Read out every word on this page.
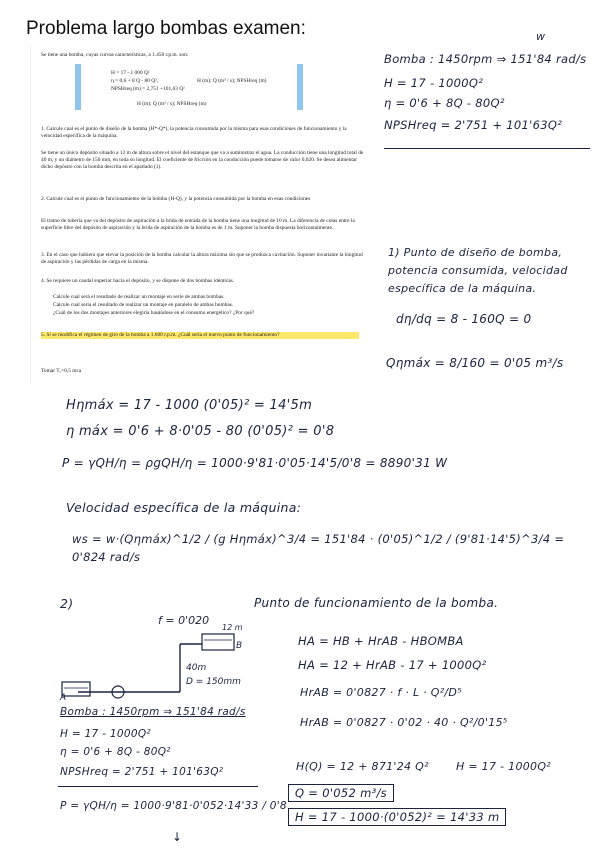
Problema largo bombas examen:
Se tiene una bomba, cuyas curvas características, a 1.450 r.p.m. son:
H = 17 - 1 000 Q²
η = 0,6 + 8 Q - 80 Q²,	H (m); Q (m³ / s); NPSHreq (m)
NPSHreq (m) = 2,751 +101,63 Q²
H (m); Q (m³ / s); NPSHreq (m)
1. Calcule cual es el punto de diseño de la bomba (H*-Q*), la potencia consumida por la misma para esas condiciones de funcionamiento y la velocidad específica de la máquina.
Se tiene un único depósito situado a 12 m de altura sobre el nivel del estanque que va a suministrar el agua. La conducción tiene una longitud total de 40 m, y un diámetro de 150 mm, en toda su longitud. El coeficiente de fricción en la conducción puede tomarse de valor 0,020. Se desea alimentar dicho depósito con la bomba descrita en el apartado (1).
2. Calcule cual es el punto de funcionamiento de la bomba (H-Q), y la potencia consumida por la bomba en esas condiciones
El tramo de tubería que va del depósito de aspiración a la brida de entrada de la bomba tiene una longitud de 10 m. La diferencia de cotas entre la superficie libre del depósito de aspiración y la brida de aspiración de la bomba es de 1 m. Suponer la bomba dispuesta horizontalmente.
3. En el caso que hubiera que elevar la posición de la bomba calcular la altura máxima sin que se produzca cavitación. Suponer invariante la longitud de aspiración y las pérdidas de carga en la misma.
4. Se requiere un caudal superior hacia el depósito, y se dispone de dos bombas idénticas.
Calcule cual será el resultado de realizar un montaje en serie de ambas bombas.
Calcule cual sería el resultado de realizar un montaje en paralelo de ambas bombas.
¿Cuál de los dos montajes anteriores elegiría basándose en el consumo energético? ¿Por qué?
5. Si se modifica el régimen de giro de la bomba a 1.600 r.p.m. ¿Cuál sería el nuevo punto de funcionamiento?
Tomar Tᵥ=0,5 mca
w
Bomba : 1450rpm ⇒ 151'84 rad/s
H = 17 - 1000Q²
η = 0'6 + 8Q - 80Q²
NPSHreq = 2'751 + 101'63Q²
1) Punto de diseño de bomba, potencia consumida, velocidad específica de la máquina.
dη/dq = 8 - 160Q = 0
Qηmáx = 8/160 = 0'05 m³/s
Hηmáx = 17 - 1000 (0'05)² = 14'5m
η máx = 0'6 + 8·0'05 - 80 (0'05)² = 0'8
P = γQH/η = ρgQH/η = 1000·9'81·0'05·14'5/0'8 = 8890'31 W
Velocidad específica de la máquina:
ws = w·(Qηmáx)^1/2 / (g Hηmáx)^3/4 = 151'84 · (0'05)^1/2 / (9'81·14'5)^3/4 = 0'824 rad/s
2)	Punto de funcionamiento de la bomba.
f = 0'020
12 m
B
A
40m
D = 150mm
HA = HB + HrAB - HBOMBA
HA = 12 + HrAB - 17 + 1000Q²
HrAB = 0'0827 · f · L · Q²/D⁵
HrAB = 0'0827 · 0'02 · 40 · Q²/0'15⁵
H(Q) = 12 + 871'24 Q² H = 17 - 1000Q²
Q = 0'052 m³/s
H = 17 - 1000·(0'052)² = 14'33 m
Bomba : 1450rpm ⇒ 151'84 rad/s
H = 17 - 1000Q²
η = 0'6 + 8Q - 80Q²
NPSHreq = 2'751 + 101'63Q²
P = γQH/η = 1000·9'81·0'052·14'33 / 0'8
↓
